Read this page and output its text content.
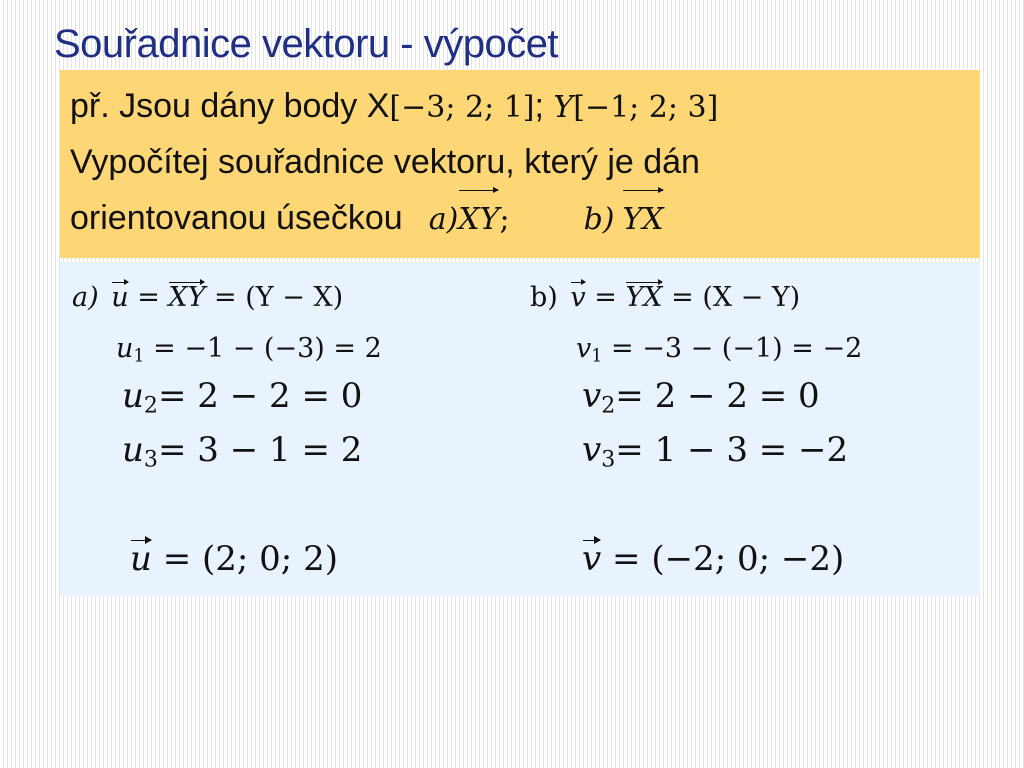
Souřadnice vektoru - výpočet
př. Jsou dány body X[−3; 2; 1]; Y[−1; 2; 3]
Vypočítej souřadnice vektoru, který je dán
orientovanou úsečkou a)XY; b) YX
a) u = XY = (Y − X)
$u_1 = -1 - (-3) = 2$
$u_2= 2 - 2 = 0$
$u_3= 3 - 1 = 2$
u = (2; 0; 2)
b) v = YX = (X − Y)
$v_1 = -3 - (-1) = -2$
$v_2= 2 - 2 = 0$
$v_3= 1 - 3 = -2$
v = (−2; 0; −2)
